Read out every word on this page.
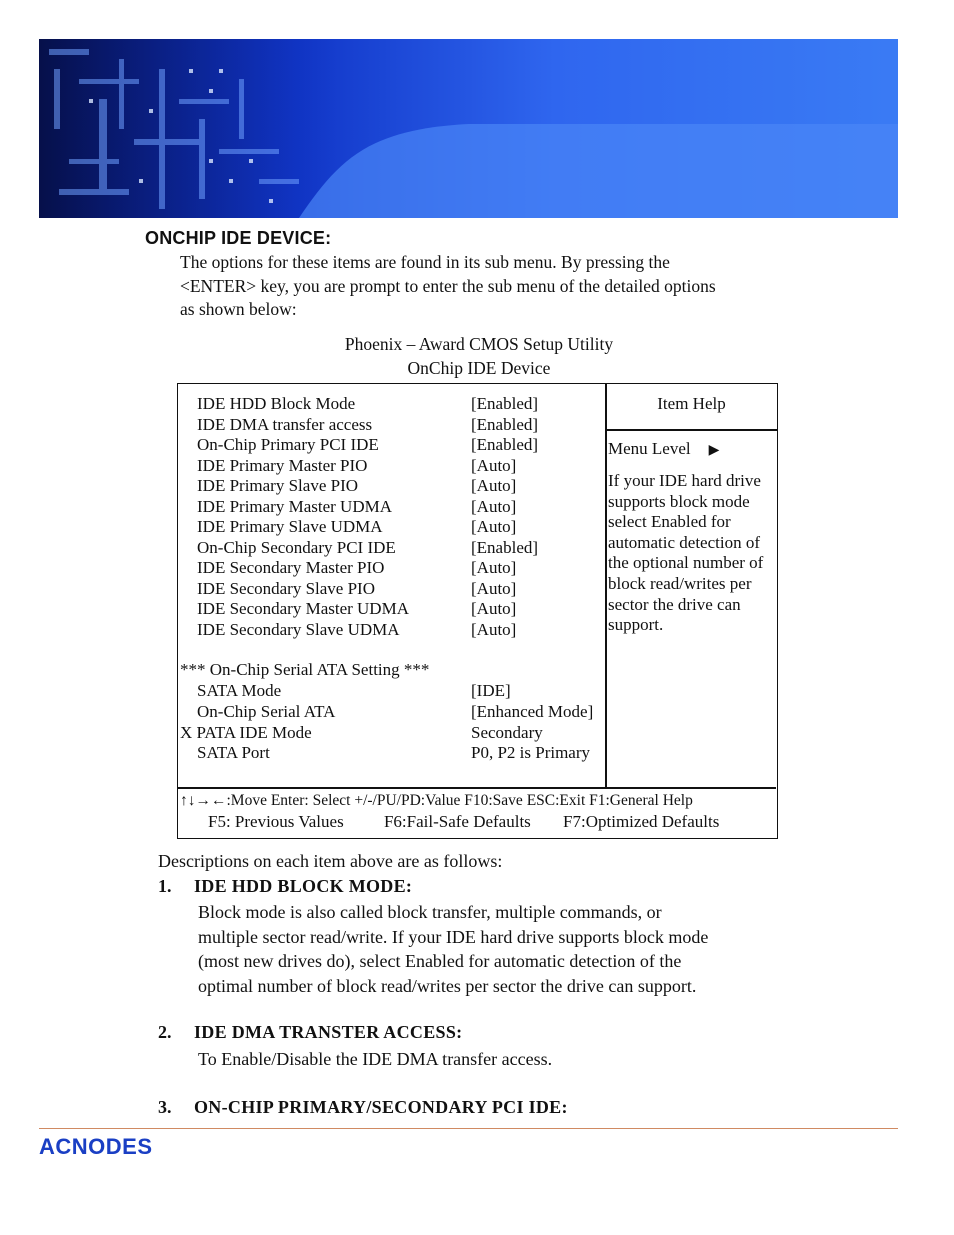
ONCHIP IDE DEVICE:
The options for these items are found in its sub menu. By pressing the
<ENTER> key, you are prompt to enter the sub menu of the detailed options
as shown below:
Phoenix – Award CMOS Setup Utility
OnChip IDE Device
IDE HDD Block Mode	[Enabled]
IDE DMA transfer access	[Enabled]
On-Chip Primary PCI IDE	[Enabled]
IDE Primary Master PIO	[Auto]
IDE Primary Slave PIO	[Auto]
IDE Primary Master UDMA	[Auto]
IDE Primary Slave UDMA	[Auto]
On-Chip Secondary PCI IDE	[Enabled]
IDE Secondary Master PIO	[Auto]
IDE Secondary Slave PIO	[Auto]
IDE Secondary Master UDMA	[Auto]
IDE Secondary Slave UDMA	[Auto]
*** On-Chip Serial ATA Setting ***
SATA Mode	[IDE]
On-Chip Serial ATA	[Enhanced Mode]
X PATA IDE Mode	Secondary
SATA Port	P0, P2 is Primary
Item Help
Menu Level ▶
If your IDE hard drive
supports block mode
select Enabled for
automatic detection of
the optional number of
block read/writes per
sector the drive can
support.
↑↓→←:Move Enter: Select +/-/PU/PD:Value F10:Save ESC:Exit F1:General Help
F5: Previous Values F6:Fail-Safe Defaults F7:Optimized Defaults
Descriptions on each item above are as follows:
1. IDE HDD BLOCK MODE:
Block mode is also called block transfer, multiple commands, or
multiple sector read/write. If your IDE hard drive supports block mode
(most new drives do), select Enabled for automatic detection of the
optimal number of block read/writes per sector the drive can support.
2. IDE DMA TRANSTER ACCESS:
To Enable/Disable the IDE DMA transfer access.
3. ON-CHIP PRIMARY/SECONDARY PCI IDE:
ACNODES
